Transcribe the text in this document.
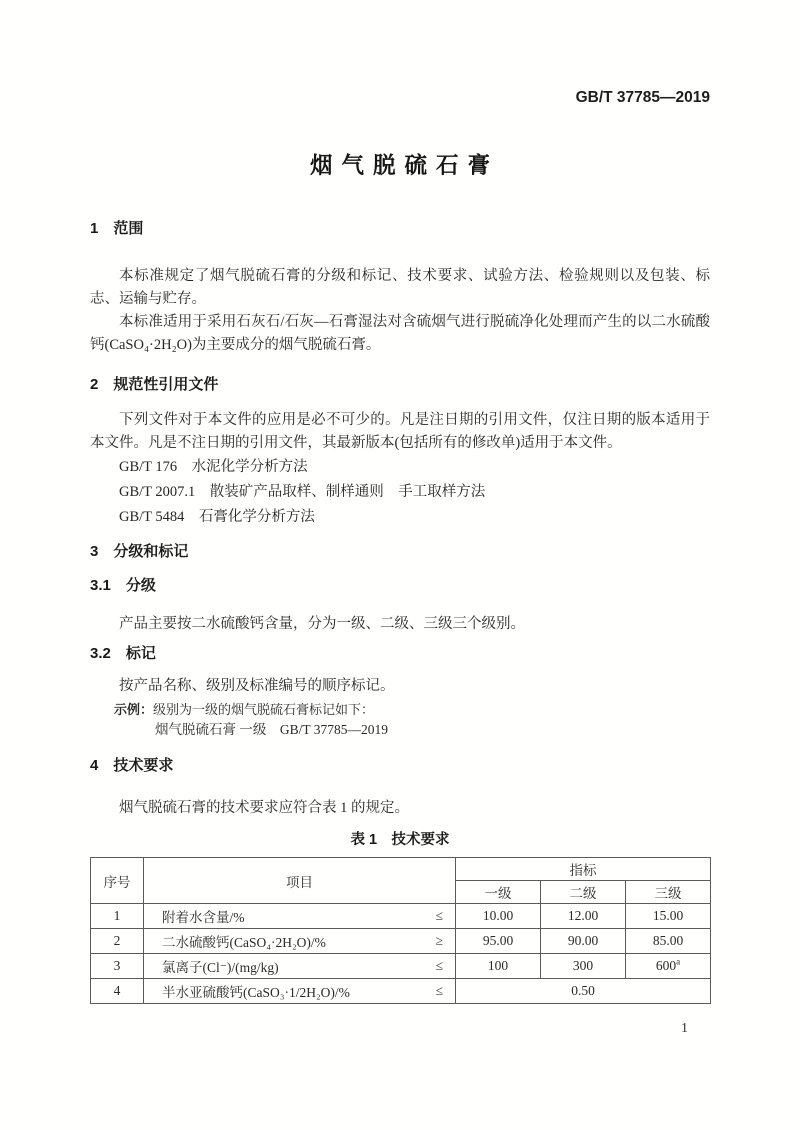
GB/T 37785—2019
烟气脱硫石膏
1　范围

本标准规定了烟气脱硫石膏的分级和标记、技术要求、试验方法、检验规则以及包装、标志、运输与贮存。

本标准适用于采用石灰石/石灰—石膏湿法对含硫烟气进行脱硫净化处理而产生的以二水硫酸钙(CaSO₄·2H₂O)为主要成分的烟气脱硫石膏。

2　规范性引用文件

下列文件对于本文件的应用是必不可少的。凡是注日期的引用文件，仅注日期的版本适用于本文件。凡是不注日期的引用文件，其最新版本(包括所有的修改单)适用于本文件。

GB/T 176　水泥化学分析方法
GB/T 2007.1　散装矿产品取样、制样通则　手工取样方法
GB/T 5484　石膏化学分析方法
3　分级和标记
3.1　分级

产品主要按二水硫酸钙含量，分为一级、二级、三级三个级别。

3.2　标记

按产品名称、级别及标准编号的顺序标记。

示例：级别为一级的烟气脱硫石膏标记如下：
烟气脱硫石膏 一级　GB/T 37785—2019
4　技术要求

烟气脱硫石膏的技术要求应符合表 1 的规定。

表 1　技术要求
序号	项目	指标		
		一级	二级	三级
1	附着水含量/% ≤	10.00	12.00	15.00
2	二水硫酸钙(CaSO₄·2H₂O)/% ≥	95.00	90.00	85.00
3	氯离子(Cl⁻)/(mg/kg) ≤	100	300	600$^a$
4	半水亚硫酸钙(CaSO₃·1/2H₂O)/% ≤	0.50		
1
